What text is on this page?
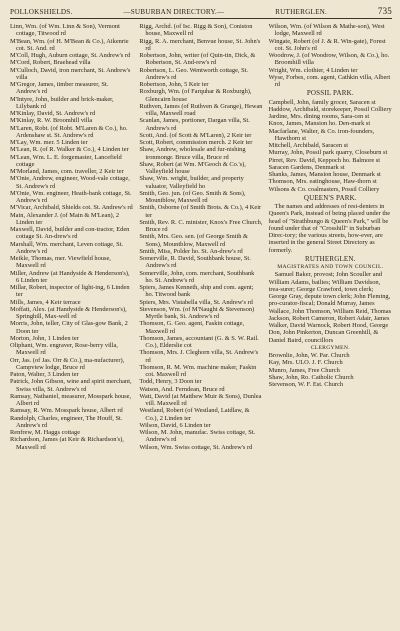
POLLOKSHIELDS.	—SUBURBAN DIRECTORY.—	RUTHERGLEN.	735
Linn, Wm. (of Wm. Linn & Son), Vermont cottage, Titwood rd
M'Bean, Wm. (of H. M'Bean & Co.), Aikenrie cot. St. And. rd
M'Coll, Hugh, Auburn cottage, St. Andrew's rd
M'Cord, Robert, Braehead villa
M'Culloch, David, iron merchant, St. Andrew's villa
M'Gregor, James, timber measurer, St. Andrew's rd
M'Intyre, John, builder and brick-maker, Lilybank rd
M'Kinlay, David, St. Andrew's rd
M'Kinlay, R. W. Broomhill villa
M'Laren, Robt. (of Robt. M'Laren & Co.), ho. Ardenshaw st. St. Andrew's rd
M'Lay, Wm. mer. 5 Linden ter
M'Lean, R. (of R. Walker & Co.), 4 Linden ter
M'Lean, Wm. L. E. forgemaster, Lancefield cottage
M'Morland, James, com. traveller, 2 Keir ter
M'Onie, Andrew, engineer, Wood-vale cottage, St. Andrew's rd
M'Onie, Wm. engineer, Heath-bank cottage, St. Andrew's rd
M'Vicar, Archibald, Shields cot. St. Andrew's rd
Main, Alexander J. (of Main & M'Lean), 2 Linden ter
Maxwell, David, builder and con-tractor, Eden cottage St. An-drew's rd
Marshall, Wm. merchant, Leven cottage, St. Andrew's rd
Meikle, Thomas, mer. Viewfield house, Maxwell rd
Miller, Andrew (at Handyside & Henderson's), 6 Linden ter
Millar, Robert, inspector of light-ing, 6 Linden ter
Mills, James, 4 Keir terrace
Moffatt, Alex. (at Handyside & Henderson's), Springhill, Max-well rd
Morris, John, teller, City of Glas-gow Bank, 2 Doon ter
Morton, John, 1 Linden ter
Oliphant, Wm. engraver, Rose-berry villa, Maxwell rd
Orr, Jas. (of Jas. Orr & Co.), ma-nufacturer), Campview lodge, Bruce rd
Paton, Walter, 3 Linden ter
Patrick, John Gibson, wine and spirit merchant, Swiss villa, St. Andrew's rd
Ramsay, Nathaniel, measurer, Mosspark house, Albert rd
Ramsay, R. Wm. Mosspark house, Albert rd
Randolph, Charles, engineer, The Houff, St. Andrew's rd
Renfrew, M. Haggs cottage
Richardson, James (at Keir & Richardson's), Maxwell rd
Rigg, Archd. (of Isc. Rigg & Son), Coniston house, Maxwell rd
Rigg, R. A. merchant, Benvue house, St. John's rd
Robertson, John, writer (of Quin-tin, Dick, & Robertson, St. And-rew's rd
Robertson, L. Geo. Wentworth cottage, St. Andrew's rd
Robertson, John, 5 Keir ter
Roxburgh, Wm. (of Farquhar & Roxburgh), Glencairn house
Ruthven, James (of Ruthven & Grange), Hewan villa, Maxwell road
Scanlan, James, portioner, Dargan villa, St. Andrew's rd
Scott, And. (of Scott & M'Laren), 2 Keir ter
Scott, Robert, commission merch. 2 Keir ter
Shaw, Andrew, wholesale and fur-nishing ironmongr. Bruce villa, Bruce rd
Shaw, Robert (at Wm. M'Geoch & Co.'s), Valleyfield house
Shaw, Wm. wright, builder, and property valuator, Valleyfield ho
Smith, Geo. jun. (of Geo. Smith & Sons), Mountblow, Maxwell rd
Smith, Osborne (of Smith Brots. & Co.), 4 Keir ter
Smith, Rev. R. C. minister, Knox's Free Church, Bruce rd
Smith, Mrs. Geo. sen. (of George Smith & Sons), Mountblow, Maxwell rd
Smith, Miss, Polder ho. St. An-drew's rd
Somerville, R. David, Southbank house, St. Andrew's rd
Somerville, John, com. merchant, Southbank ho. St. Andrew's rd
Spiers, James Kenneth, ship and com. agent; ho. Titwood bank
Spiers, Mrs. Vistabella villa, St. Andrew's rd
Stevenson, Wm. (of M'Naught & Stevenson) Myrtle bank, St. Andrew's rd
Thomson, G. Geo. agent, Faskin cottage, Maxwell rd
Thomson, James, accountant (G. & S. W. Rail. Co.), Elderslie cot
Thomson, Mrs. J. Cleghorn villa, St. Andrew's rd
Thomson, R. M. Wm. machine maker, Faskin cot. Maxwell rd
Todd, Henry, 3 Doon ter
Watson, And. Ferndean, Bruce rd
Watt, David (at Matthew Muir & Sons), Dunlea vill. Maxwell rd
Westland, Robert (of Westland, Laidlaw, & Co.), 2 Linden ter
Wilson, David, 6 Linden ter
Wilson, M. John, manufac. Swiss cottage, St. Andrew's rd
Wilson, Wm. Swiss cottage, St. Andrew's rd
Wilson, Wm. (of Wilson & Mathe-son), West lodge, Maxwell rd
Wingate, Robert (of J. & R. Win-gate), Forest cot. St. John's rd
Woodrow, J. (of Woodrow, Wilson, & Co.), ho. Broomhill villa
Wright, Wm. clothier, 4 Linden ter
Wyse, Forbes, com. agent, Cathkin villa, Albert rd
POSSIL PARK.
Campbell, John, family grocer, Saracen st
Haddow, Archibald, storekeeper, Possil Colliery
Jardine, Mrs. dining rooms, Sara-cen st
Knox, James, Mansion ho. Den-mark st
Macfarlane, Walter, & Co. iron-founders, Hawthorn st
Mitchell, Archibald, Saracen st
Murray, John, Possil park quarry, Closeburn st
Pirret, Rev. David, Keppoch ho. Balmore st
Saracen Gardens, Denmark st
Shanks, James, Mansion house, Denmark st
Thomson, Mrs. eatinghouse, Haw-thorn st
Wilsons & Co. coalmasters, Possil Colliery
QUEEN'S PARK.
The names and addresses of resi-denters in Queen's Park, instead of being placed under the head of "Strathbungo & Queen's Park," will be found under that of "Crosshill" in Suburban Direc-tory; the various streets, how-ever, are inserted in the general Street Directory as formerly.
RUTHERGLEN.
MAGISTRATES AND TOWN COUNCIL.
Samuel Baker, provost; John Scouller and William Adams, bailies; William Davidson, trea-surer; George Crawford, town clerk; George Gray, depute town clerk; John Fleming, pro-curator-fiscal; Donald Murray, James Wallace, John Thomson, William Reid, Thomas Jackson, Robert Cameron, Robert Adair, James Walker, David Warnock, Robert Hood, George Don, John Pinkerton, Duncan Greenhill, & Daniel Baird, councillors
CLERGYMEN.
Brownlie, John, W. Par. Church
Kay, Mrs. ULO. J. F. Church
Munro, James, Free Church
Shaw, John, Ro. Catholic Church
Stevenson, W. F. Est. Church
